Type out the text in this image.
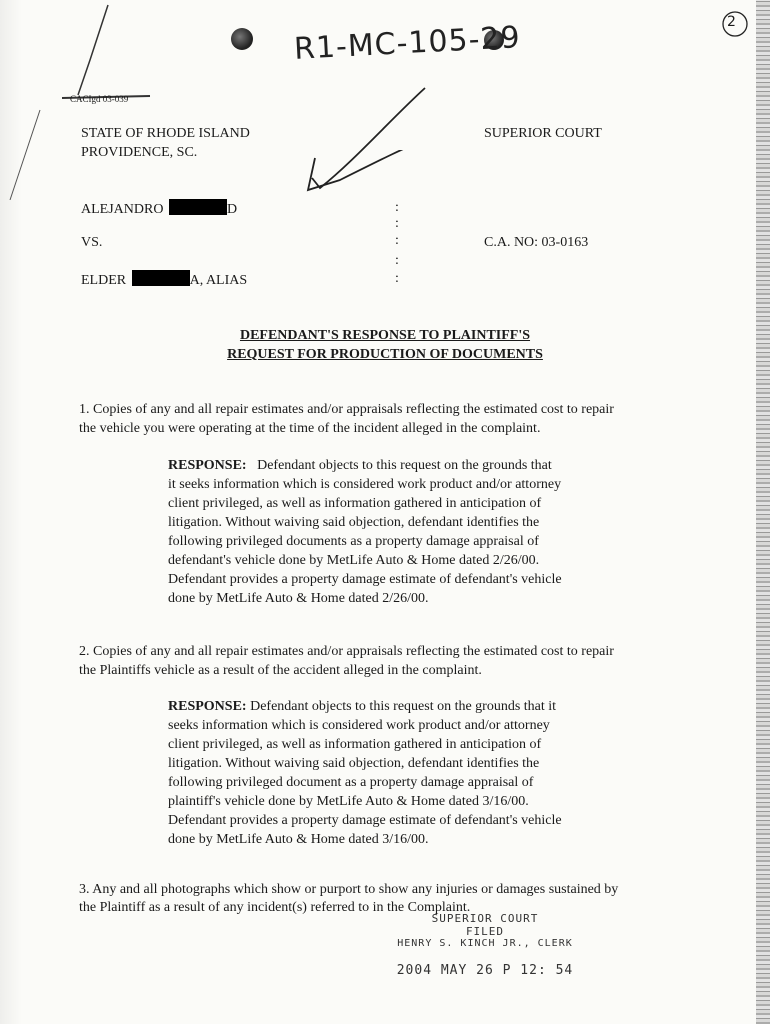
R1-MC-105-29	2
CACIgd 03-039
STATE OF RHODE ISLAND
PROVIDENCE, SC.
SUPERIOR COURT
ALEJANDRO	D
VS.
ELDER	A, ALIAS
:
:
:
:
:
C.A. NO: 03-0163
DEFENDANT'S RESPONSE TO PLAINTIFF'S
REQUEST FOR PRODUCTION OF DOCUMENTS
1. Copies of any and all repair estimates and/or appraisals reflecting the estimated cost to repair
the vehicle you were operating at the time of the incident alleged in the complaint.
RESPONSE: Defendant objects to this request on the grounds that
it seeks information which is considered work product and/or attorney
client privileged, as well as information gathered in anticipation of
litigation. Without waiving said objection, defendant identifies the
following privileged documents as a property damage appraisal of
defendant's vehicle done by MetLife Auto & Home dated 2/26/00.
Defendant provides a property damage estimate of defendant's vehicle
done by MetLife Auto & Home dated 2/26/00.
2. Copies of any and all repair estimates and/or appraisals reflecting the estimated cost to repair
the Plaintiffs vehicle as a result of the accident alleged in the complaint.
RESPONSE: Defendant objects to this request on the grounds that it
seeks information which is considered work product and/or attorney
client privileged, as well as information gathered in anticipation of
litigation. Without waiving said objection, defendant identifies the
following privileged document as a property damage appraisal of
plaintiff's vehicle done by MetLife Auto & Home dated 3/16/00.
Defendant provides a property damage estimate of defendant's vehicle
done by MetLife Auto & Home dated 3/16/00.
3. Any and all photographs which show or purport to show any injuries or damages sustained by
the Plaintiff as a result of any incident(s) referred to in the Complaint.
SUPERIOR COURT
FILED
HENRY S. KINCH JR., CLERK
2004 MAY 26 P 12: 54
